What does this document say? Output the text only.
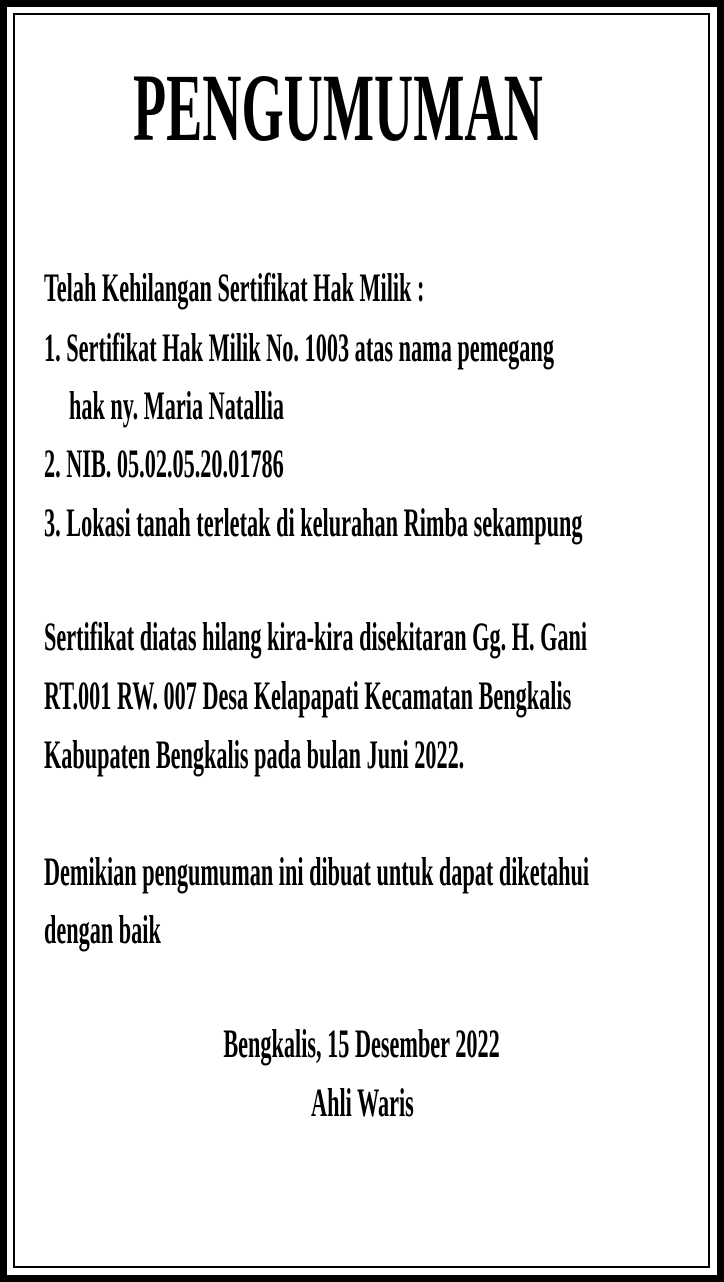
PENGUMUMAN
Telah Kehilangan Sertifikat Hak Milik :
1. Sertifikat Hak Milik No. 1003 atas nama pemegang
hak ny. Maria Natallia
2. NIB. 05.02.05.20.01786
3. Lokasi tanah terletak di kelurahan Rimba sekampung
Sertifikat diatas hilang kira-kira disekitaran Gg. H. Gani
RT.001 RW. 007 Desa Kelapapati Kecamatan Bengkalis
Kabupaten Bengkalis pada bulan Juni 2022.
Demikian pengumuman ini dibuat untuk dapat diketahui
dengan baik
Bengkalis, 15 Desember 2022
Ahli Waris
